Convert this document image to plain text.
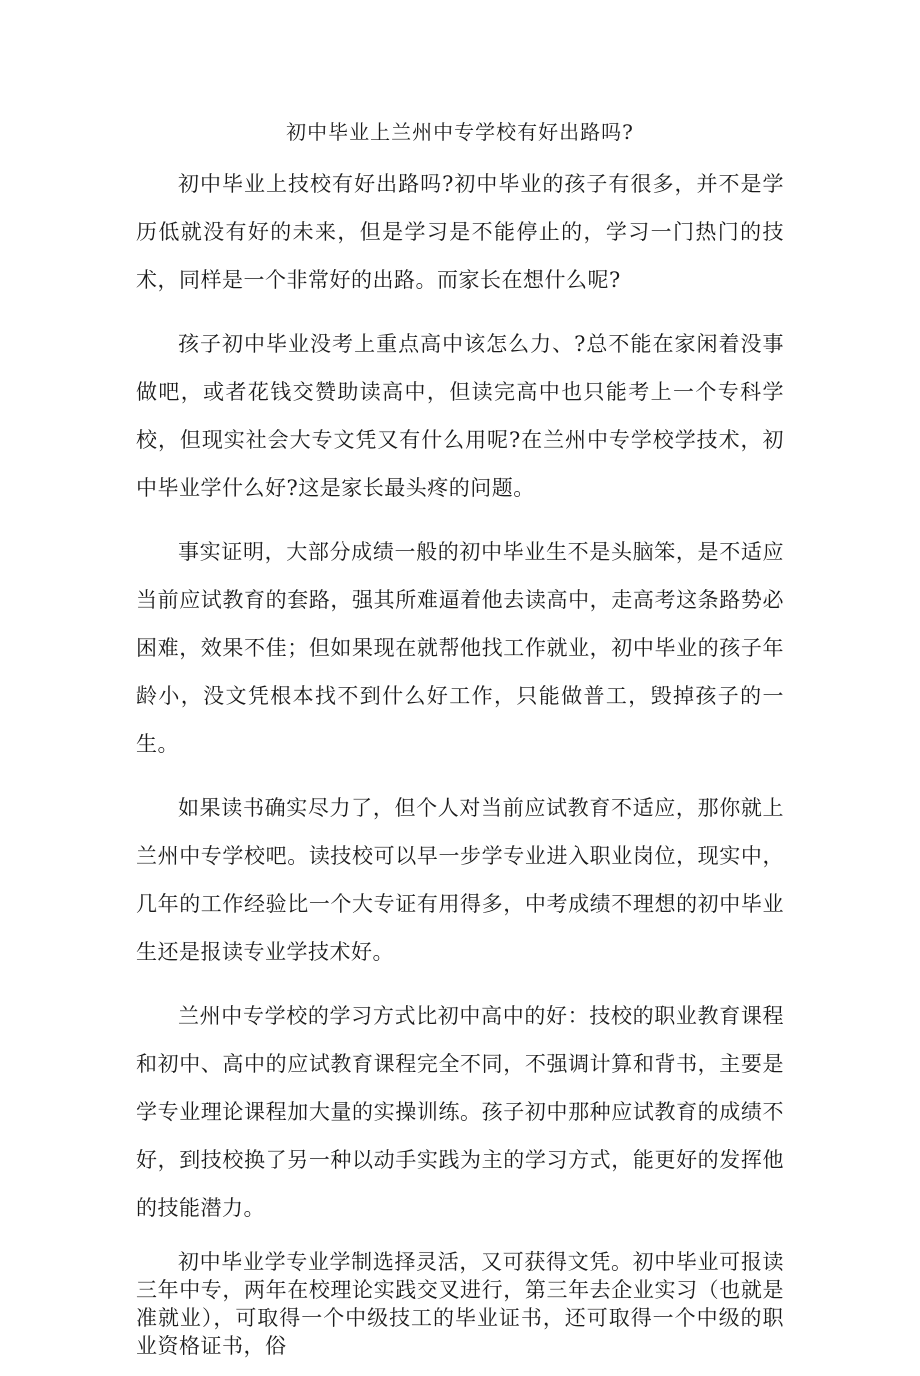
初中毕业上兰州中专学校有好出路吗?

初中毕业上技校有好出路吗?初中毕业的孩子有很多，并不是学历低就没有好的未来，但是学习是不能停止的，学习一门热门的技术，同样是一个非常好的出路。而家长在想什么呢?

孩子初中毕业没考上重点高中该怎么力、?总不能在家闲着没事做吧，或者花钱交赞助读高中，但读完高中也只能考上一个专科学校，但现实社会大专文凭又有什么用呢?在兰州中专学校学技术，初中毕业学什么好?这是家长最头疼的问题。

事实证明，大部分成绩一般的初中毕业生不是头脑笨，是不适应当前应试教育的套路，强其所难逼着他去读高中，走高考这条路势必困难，效果不佳；但如果现在就帮他找工作就业，初中毕业的孩子年龄小，没文凭根本找不到什么好工作，只能做普工，毁掉孩子的一生。

如果读书确实尽力了，但个人对当前应试教育不适应，那你就上兰州中专学校吧。读技校可以早一步学专业进入职业岗位，现实中，几年的工作经验比一个大专证有用得多，中考成绩不理想的初中毕业生还是报读专业学技术好。

兰州中专学校的学习方式比初中高中的好：技校的职业教育课程和初中、高中的应试教育课程完全不同，不强调计算和背书，主要是学专业理论课程加大量的实操训练。孩子初中那种应试教育的成绩不好，到技校换了另一种以动手实践为主的学习方式，能更好的发挥他的技能潜力。

初中毕业学专业学制选择灵活，又可获得文凭。初中毕业可报读三年中专，两年在校理论实践交叉进行，第三年去企业实习（也就是准就业），可取得一个中级技工的毕业证书，还可取得一个中级的职业资格证书，俗
